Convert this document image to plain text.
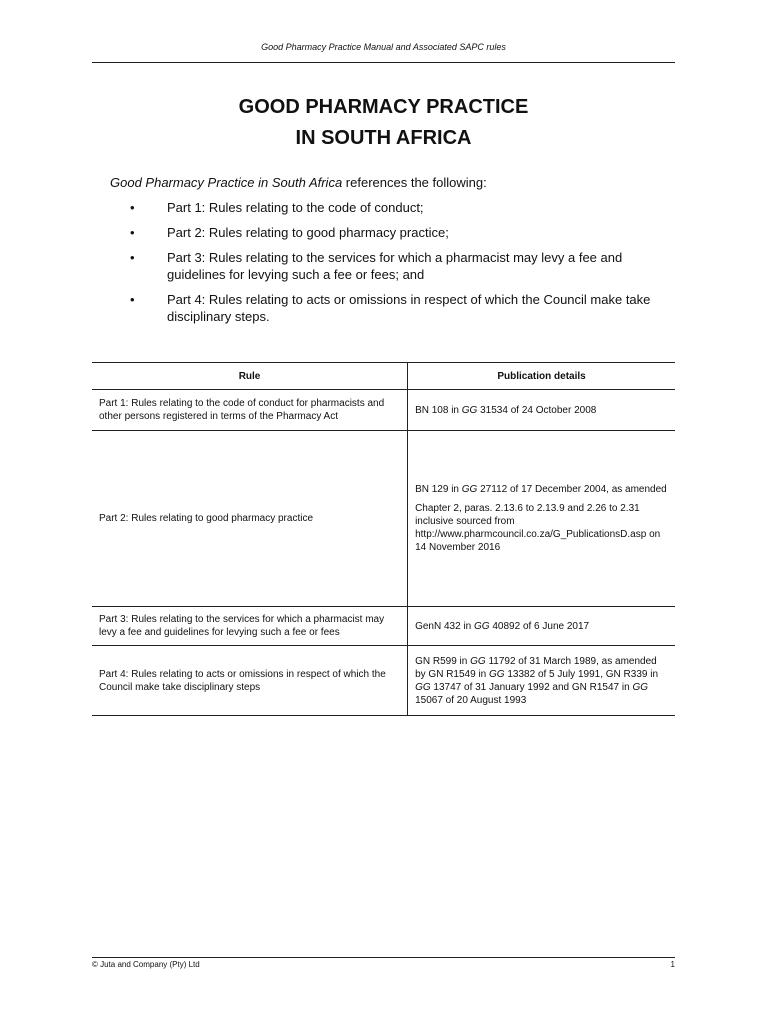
Good Pharmacy Practice Manual and Associated SAPC rules
GOOD PHARMACY PRACTICE
IN SOUTH AFRICA
Good Pharmacy Practice in South Africa references the following:
• Part 1: Rules relating to the code of conduct;
• Part 2: Rules relating to good pharmacy practice;
• Part 3: Rules relating to the services for which a pharmacist may levy a fee and guidelines for levying such a fee or fees; and
• Part 4: Rules relating to acts or omissions in respect of which the Council make take disciplinary steps.
Rule	Publication details
Part 1: Rules relating to the code of conduct for pharmacists and other persons registered in terms of the Pharmacy Act	BN 108 in GG 31534 of 24 October 2008
Part 2: Rules relating to good pharmacy practice	BN 129 in GG 27112 of 17 December 2004, as amended
Chapter 2, paras. 2.13.6 to 2.13.9 and 2.26 to 2.31 inclusive sourced from http://www.pharmcouncil.co.za/G_PublicationsD.asp on 14 November 2016

Part 3: Rules relating to the services for which a pharmacist may levy a fee and guidelines for levying such a fee or fees	GenN 432 in GG 40892 of 6 June 2017
Part 4: Rules relating to acts or omissions in respect of which the Council make take disciplinary steps	GN R599 in GG 11792 of 31 March 1989, as amended by GN R1549 in GG 13382 of 5 July 1991, GN R339 in GG 13747 of 31 January 1992 and GN R1547 in GG 15067 of 20 August 1993
© Juta and Company (Pty) Ltd	1
